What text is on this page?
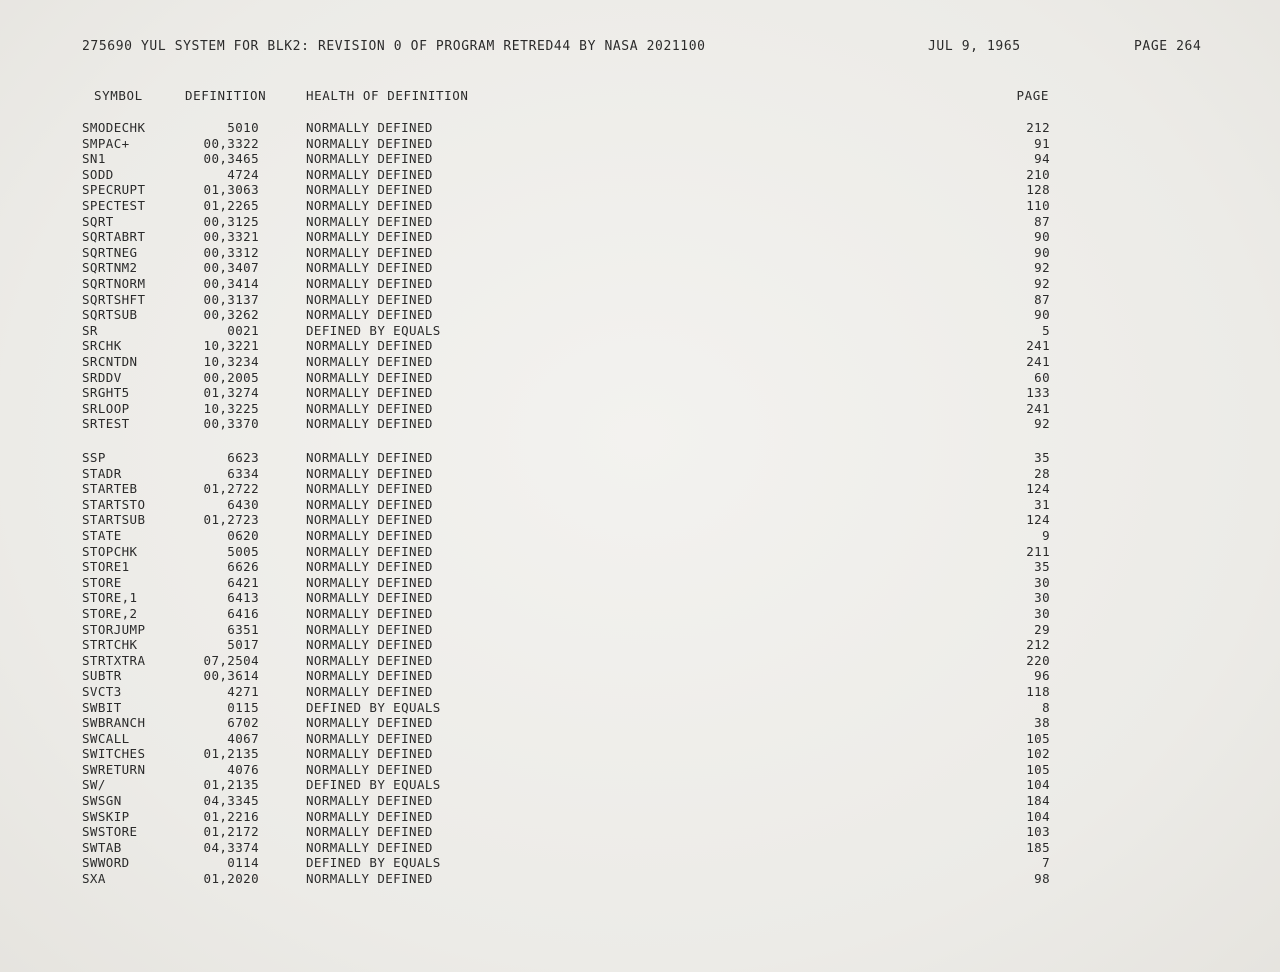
275690 YUL SYSTEM FOR BLK2: REVISION 0 OF PROGRAM RETRED44 BY NASA 2021100	JUL 9, 1965	PAGE 264
SYMBOL	DEFINITION	HEALTH OF DEFINITION	PAGE
SMODECHK	5010	NORMALLY DEFINED	212
SMPAC+	00,3322	NORMALLY DEFINED	91
SN1	00,3465	NORMALLY DEFINED	94
SODD	4724	NORMALLY DEFINED	210
SPECRUPT	01,3063	NORMALLY DEFINED	128
SPECTEST	01,2265	NORMALLY DEFINED	110
SQRT	00,3125	NORMALLY DEFINED	87
SQRTABRT	00,3321	NORMALLY DEFINED	90
SQRTNEG	00,3312	NORMALLY DEFINED	90
SQRTNM2	00,3407	NORMALLY DEFINED	92
SQRTNORM	00,3414	NORMALLY DEFINED	92
SQRTSHFT	00,3137	NORMALLY DEFINED	87
SQRTSUB	00,3262	NORMALLY DEFINED	90
SR	0021	DEFINED BY EQUALS	5
SRCHK	10,3221	NORMALLY DEFINED	241
SRCNTDN	10,3234	NORMALLY DEFINED	241
SRDDV	00,2005	NORMALLY DEFINED	60
SRGHT5	01,3274	NORMALLY DEFINED	133
SRLOOP	10,3225	NORMALLY DEFINED	241
SRTEST	00,3370	NORMALLY DEFINED	92
SSP	6623	NORMALLY DEFINED	35
STADR	6334	NORMALLY DEFINED	28
STARTEB	01,2722	NORMALLY DEFINED	124
STARTSTO	6430	NORMALLY DEFINED	31
STARTSUB	01,2723	NORMALLY DEFINED	124
STATE	0620	NORMALLY DEFINED	9
STOPCHK	5005	NORMALLY DEFINED	211
STORE1	6626	NORMALLY DEFINED	35
STORE	6421	NORMALLY DEFINED	30
STORE,1	6413	NORMALLY DEFINED	30
STORE,2	6416	NORMALLY DEFINED	30
STORJUMP	6351	NORMALLY DEFINED	29
STRTCHK	5017	NORMALLY DEFINED	212
STRTXTRA	07,2504	NORMALLY DEFINED	220
SUBTR	00,3614	NORMALLY DEFINED	96
SVCT3	4271	NORMALLY DEFINED	118
SWBIT	0115	DEFINED BY EQUALS	8
SWBRANCH	6702	NORMALLY DEFINED	38
SWCALL	4067	NORMALLY DEFINED	105
SWITCHES	01,2135	NORMALLY DEFINED	102
SWRETURN	4076	NORMALLY DEFINED	105
SW/	01,2135	DEFINED BY EQUALS	104
SWSGN	04,3345	NORMALLY DEFINED	184
SWSKIP	01,2216	NORMALLY DEFINED	104
SWSTORE	01,2172	NORMALLY DEFINED	103
SWTAB	04,3374	NORMALLY DEFINED	185
SWWORD	0114	DEFINED BY EQUALS	7
SXA	01,2020	NORMALLY DEFINED	98
